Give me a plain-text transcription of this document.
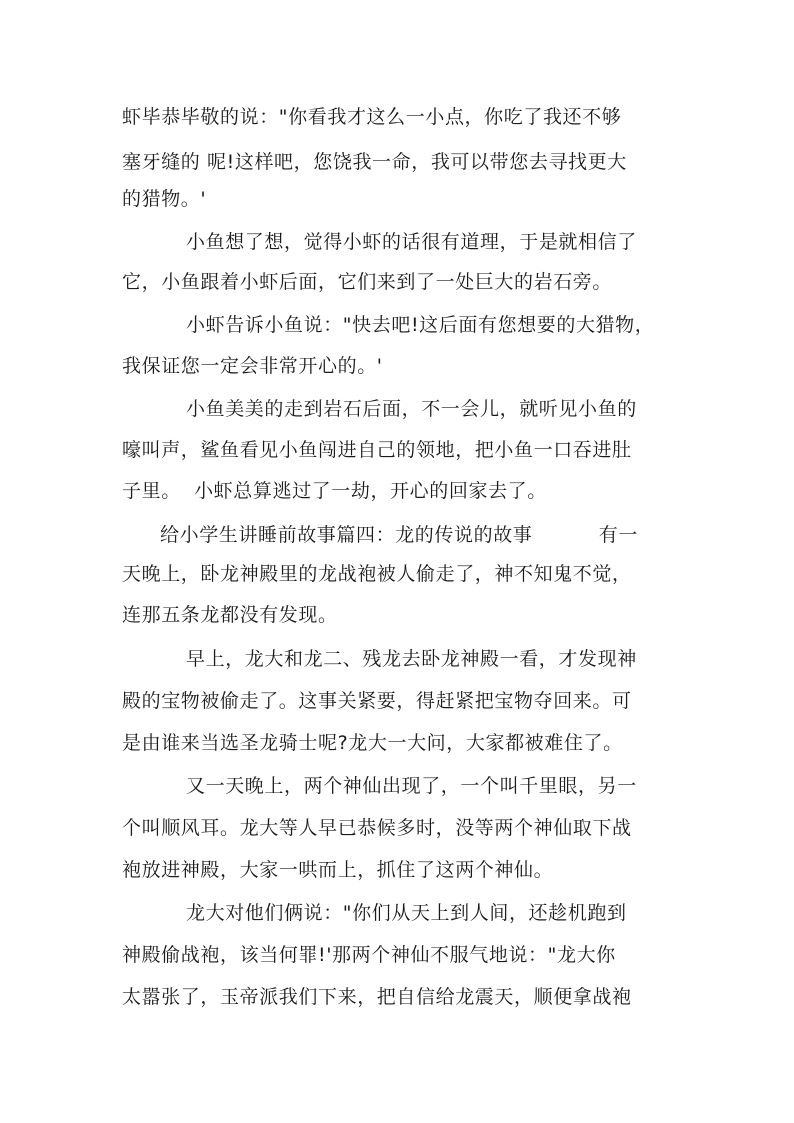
虾毕恭毕敬的说："你看我才这么一小点，你吃了我还不够
塞牙缝的 呢!这样吧，您饶我一命，我可以带您去寻找更大
的猎物。'
小鱼想了想，觉得小虾的话很有道理，于是就相信了
它，小鱼跟着小虾后面，它们来到了一处巨大的岩石旁。
小虾告诉小鱼说："快去吧!这后面有您想要的大猎物，
我保证您一定会非常开心的。'
小鱼美美的走到岩石后面，不一会儿，就听见小鱼的
嚎叫声，鲨鱼看见小鱼闯进自己的领地，把小鱼一口吞进肚
子里。  小虾总算逃过了一劫，开心的回家去了。
给小学生讲睡前故事篇四：龙的传说的故事          有一
天晚上，卧龙神殿里的龙战袍被人偷走了，神不知鬼不觉，
连那五条龙都没有发现。
早上，龙大和龙二、残龙去卧龙神殿一看，才发现神
殿的宝物被偷走了。这事关紧要，得赶紧把宝物夺回来。可
是由谁来当选圣龙骑士呢?龙大一大问，大家都被难住了。
又一天晚上，两个神仙出现了，一个叫千里眼，另一
个叫顺风耳。龙大等人早已恭候多时，没等两个神仙取下战
袍放进神殿，大家一哄而上，抓住了这两个神仙。
龙大对他们俩说："你们从天上到人间，还趁机跑到
神殿偷战袍，该当何罪!'那两个神仙不服气地说："龙大你
太嚣张了，玉帝派我们下来，把自信给龙震天，顺便拿战袍
